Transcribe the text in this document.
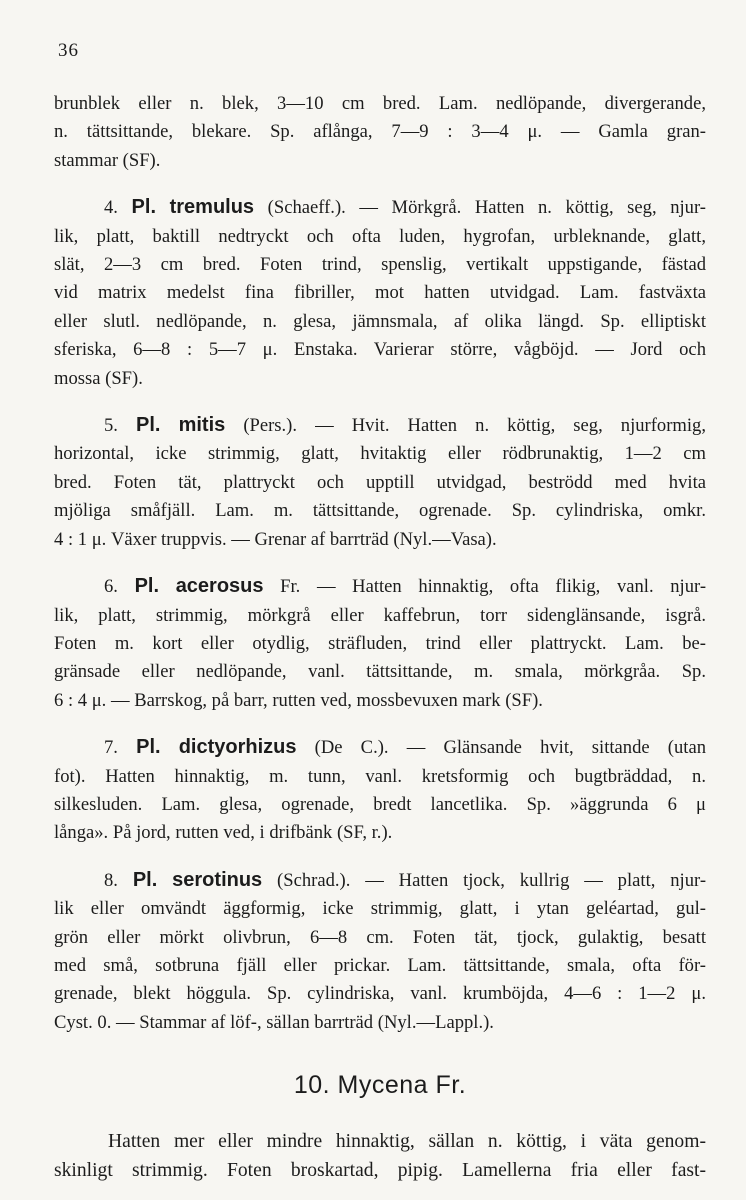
36
brunblek eller n. blek, 3—10 cm bred. Lam. nedlöpande, divergerande,
n. tättsittande, blekare. Sp. aflånga, 7—9 : 3—4 μ. — Gamla gran-
stammar (SF).
4. Pl. tremulus (Schaeff.). — Mörkgrå. Hatten n. köttig, seg, njur-
lik, platt, baktill nedtryckt och ofta luden, hygrofan, urbleknande, glatt,
slät, 2—3 cm bred. Foten trind, spenslig, vertikalt uppstigande, fästad
vid matrix medelst fina fibriller, mot hatten utvidgad. Lam. fastväxta
eller slutl. nedlöpande, n. glesa, jämnsmala, af olika längd. Sp. elliptiskt
sferiska, 6—8 : 5—7 μ. Enstaka. Varierar större, vågböjd. — Jord och
mossa (SF).
5. Pl. mitis (Pers.). — Hvit. Hatten n. köttig, seg, njurformig,
horizontal, icke strimmig, glatt, hvitaktig eller rödbrunaktig, 1—2 cm
bred. Foten tät, plattryckt och upptill utvidgad, beströdd med hvita
mjöliga småfjäll. Lam. m. tättsittande, ogrenade. Sp. cylindriska, omkr.
4 : 1 μ. Växer truppvis. — Grenar af barrträd (Nyl.—Vasa).
6. Pl. acerosus Fr. — Hatten hinnaktig, ofta flikig, vanl. njur-
lik, platt, strimmig, mörkgrå eller kaffebrun, torr sidenglänsande, isgrå.
Foten m. kort eller otydlig, sträfluden, trind eller plattryckt. Lam. be-
gränsade eller nedlöpande, vanl. tättsittande, m. smala, mörkgråa. Sp.
6 : 4 μ. — Barrskog, på barr, rutten ved, mossbevuxen mark (SF).
7. Pl. dictyorhizus (De C.). — Glänsande hvit, sittande (utan
fot). Hatten hinnaktig, m. tunn, vanl. kretsformig och bugtbräddad, n.
silkesluden. Lam. glesa, ogrenade, bredt lancetlika. Sp. »äggrunda 6 μ
långa». På jord, rutten ved, i drifbänk (SF, r.).
8. Pl. serotinus (Schrad.). — Hatten tjock, kullrig — platt, njur-
lik eller omvändt äggformig, icke strimmig, glatt, i ytan geléartad, gul-
grön eller mörkt olivbrun, 6—8 cm. Foten tät, tjock, gulaktig, besatt
med små, sotbruna fjäll eller prickar. Lam. tättsittande, smala, ofta för-
grenade, blekt höggula. Sp. cylindriska, vanl. krumböjda, 4—6 : 1—2 μ.
Cyst. 0. — Stammar af löf-, sällan barrträd (Nyl.—Lappl.).
10. Mycena Fr.
Hatten mer eller mindre hinnaktig, sällan n. köttig, i väta genom-
skinligt strimmig. Foten broskartad, pipig. Lamellerna fria eller fast-
